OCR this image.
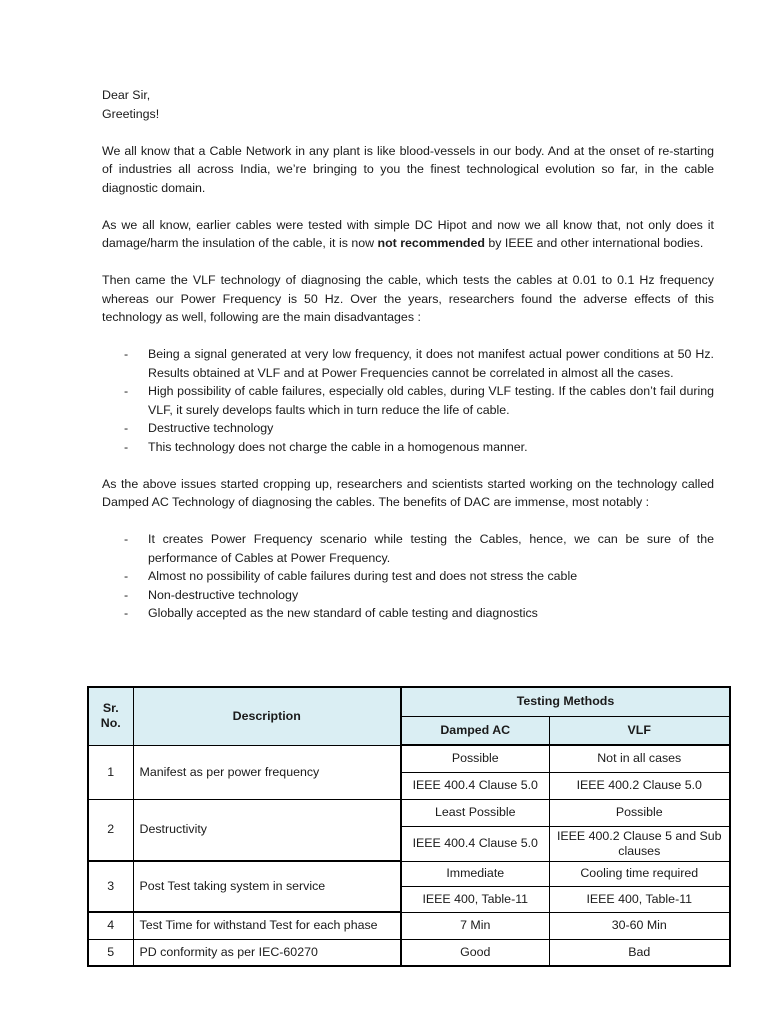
Dear Sir,

Greetings!

We all know that a Cable Network in any plant is like blood-vessels in our body. And at the onset of re-starting of industries all across India, we’re bringing to you the finest technological evolution so far, in the cable diagnostic domain.

As we all know, earlier cables were tested with simple DC Hipot and now we all know that, not only does it damage/harm the insulation of the cable, it is now not recommended by IEEE and other international bodies.

Then came the VLF technology of diagnosing the cable, which tests the cables at 0.01 to 0.1 Hz frequency whereas our Power Frequency is 50 Hz. Over the years, researchers found the adverse effects of this technology as well, following are the main disadvantages :

- Being a signal generated at very low frequency, it does not manifest actual power conditions at 50 Hz. Results obtained at VLF and at Power Frequencies cannot be correlated in almost all the cases.
- High possibility of cable failures, especially old cables, during VLF testing. If the cables don’t fail during VLF, it surely develops faults which in turn reduce the life of cable.
- Destructive technology
- This technology does not charge the cable in a homogenous manner.

As the above issues started cropping up, researchers and scientists started working on the technology called Damped AC Technology of diagnosing the cables. The benefits of DAC are immense, most notably :

- It creates Power Frequency scenario while testing the Cables, hence, we can be sure of the performance of Cables at Power Frequency.
- Almost no possibility of cable failures during test and does not stress the cable
- Non-destructive technology
- Globally accepted as the new standard of cable testing and diagnostics
Sr. No.	Description	Testing Methods	
		Damped AC	VLF
1	Manifest as per power frequency	Possible	Not in all cases
		IEEE 400.4 Clause 5.0	IEEE 400.2 Clause 5.0
2	Destructivity	Least Possible	Possible
		IEEE 400.4 Clause 5.0	IEEE 400.2 Clause 5 and Sub clauses
3	Post Test taking system in service	Immediate	Cooling time required
		IEEE 400, Table-11	IEEE 400, Table-11
4	Test Time for withstand Test for each phase	7 Min	30-60 Min
5	PD conformity as per IEC-60270	Good	Bad
